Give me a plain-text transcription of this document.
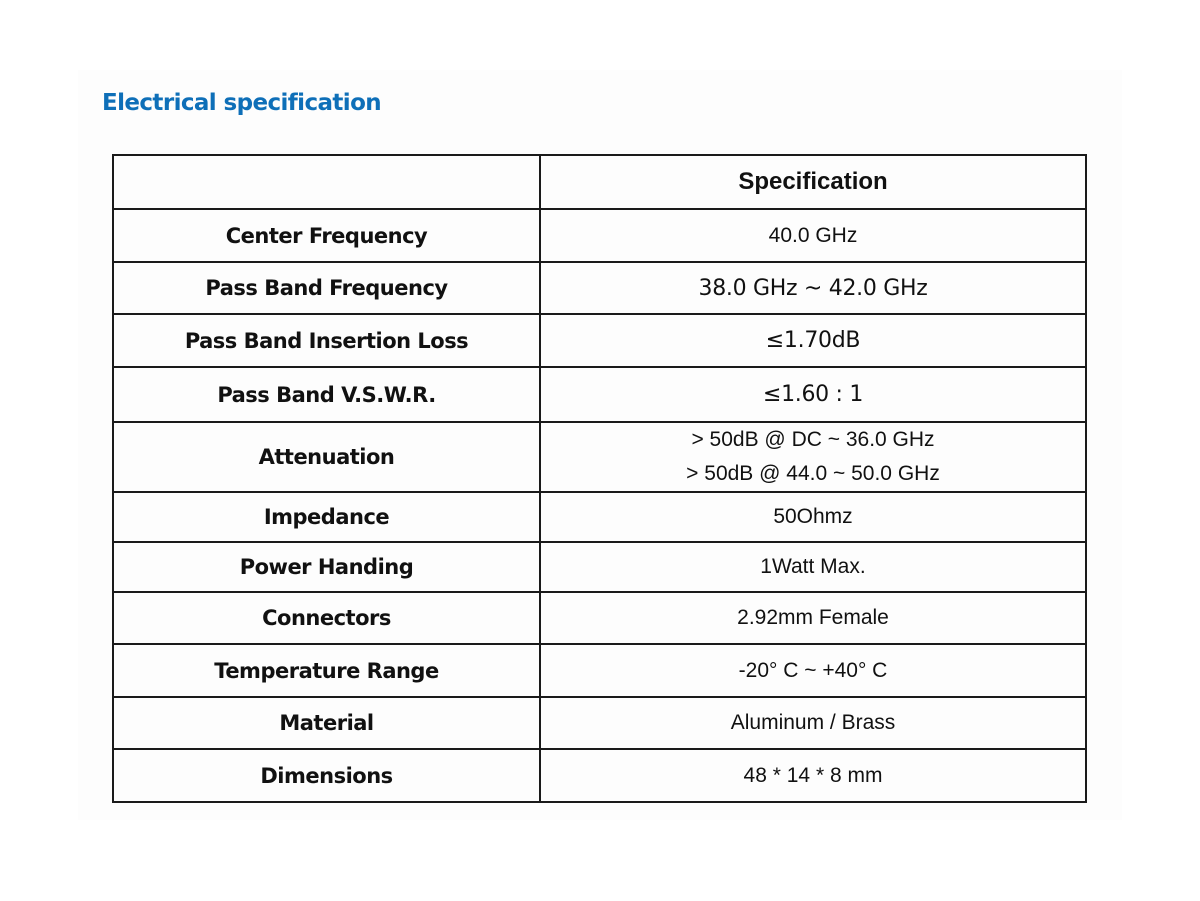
Electrical specification
	Specification
Center Frequency	40.0 GHz
Pass Band Frequency	38.0 GHz ~ 42.0 GHz
Pass Band Insertion Loss	≤1.70dB
Pass Band V.S.W.R.	≤1.60 : 1
Attenuation	> 50dB @ DC ~ 36.0 GHz
> 50dB @ 44.0 ~ 50.0 GHz

Impedance	50Ohmz
Power Handing	1Watt Max.
Connectors	2.92mm Female
Temperature Range	-20° C ~ +40° C
Material	Aluminum / Brass
Dimensions	48 * 14 * 8 mm
